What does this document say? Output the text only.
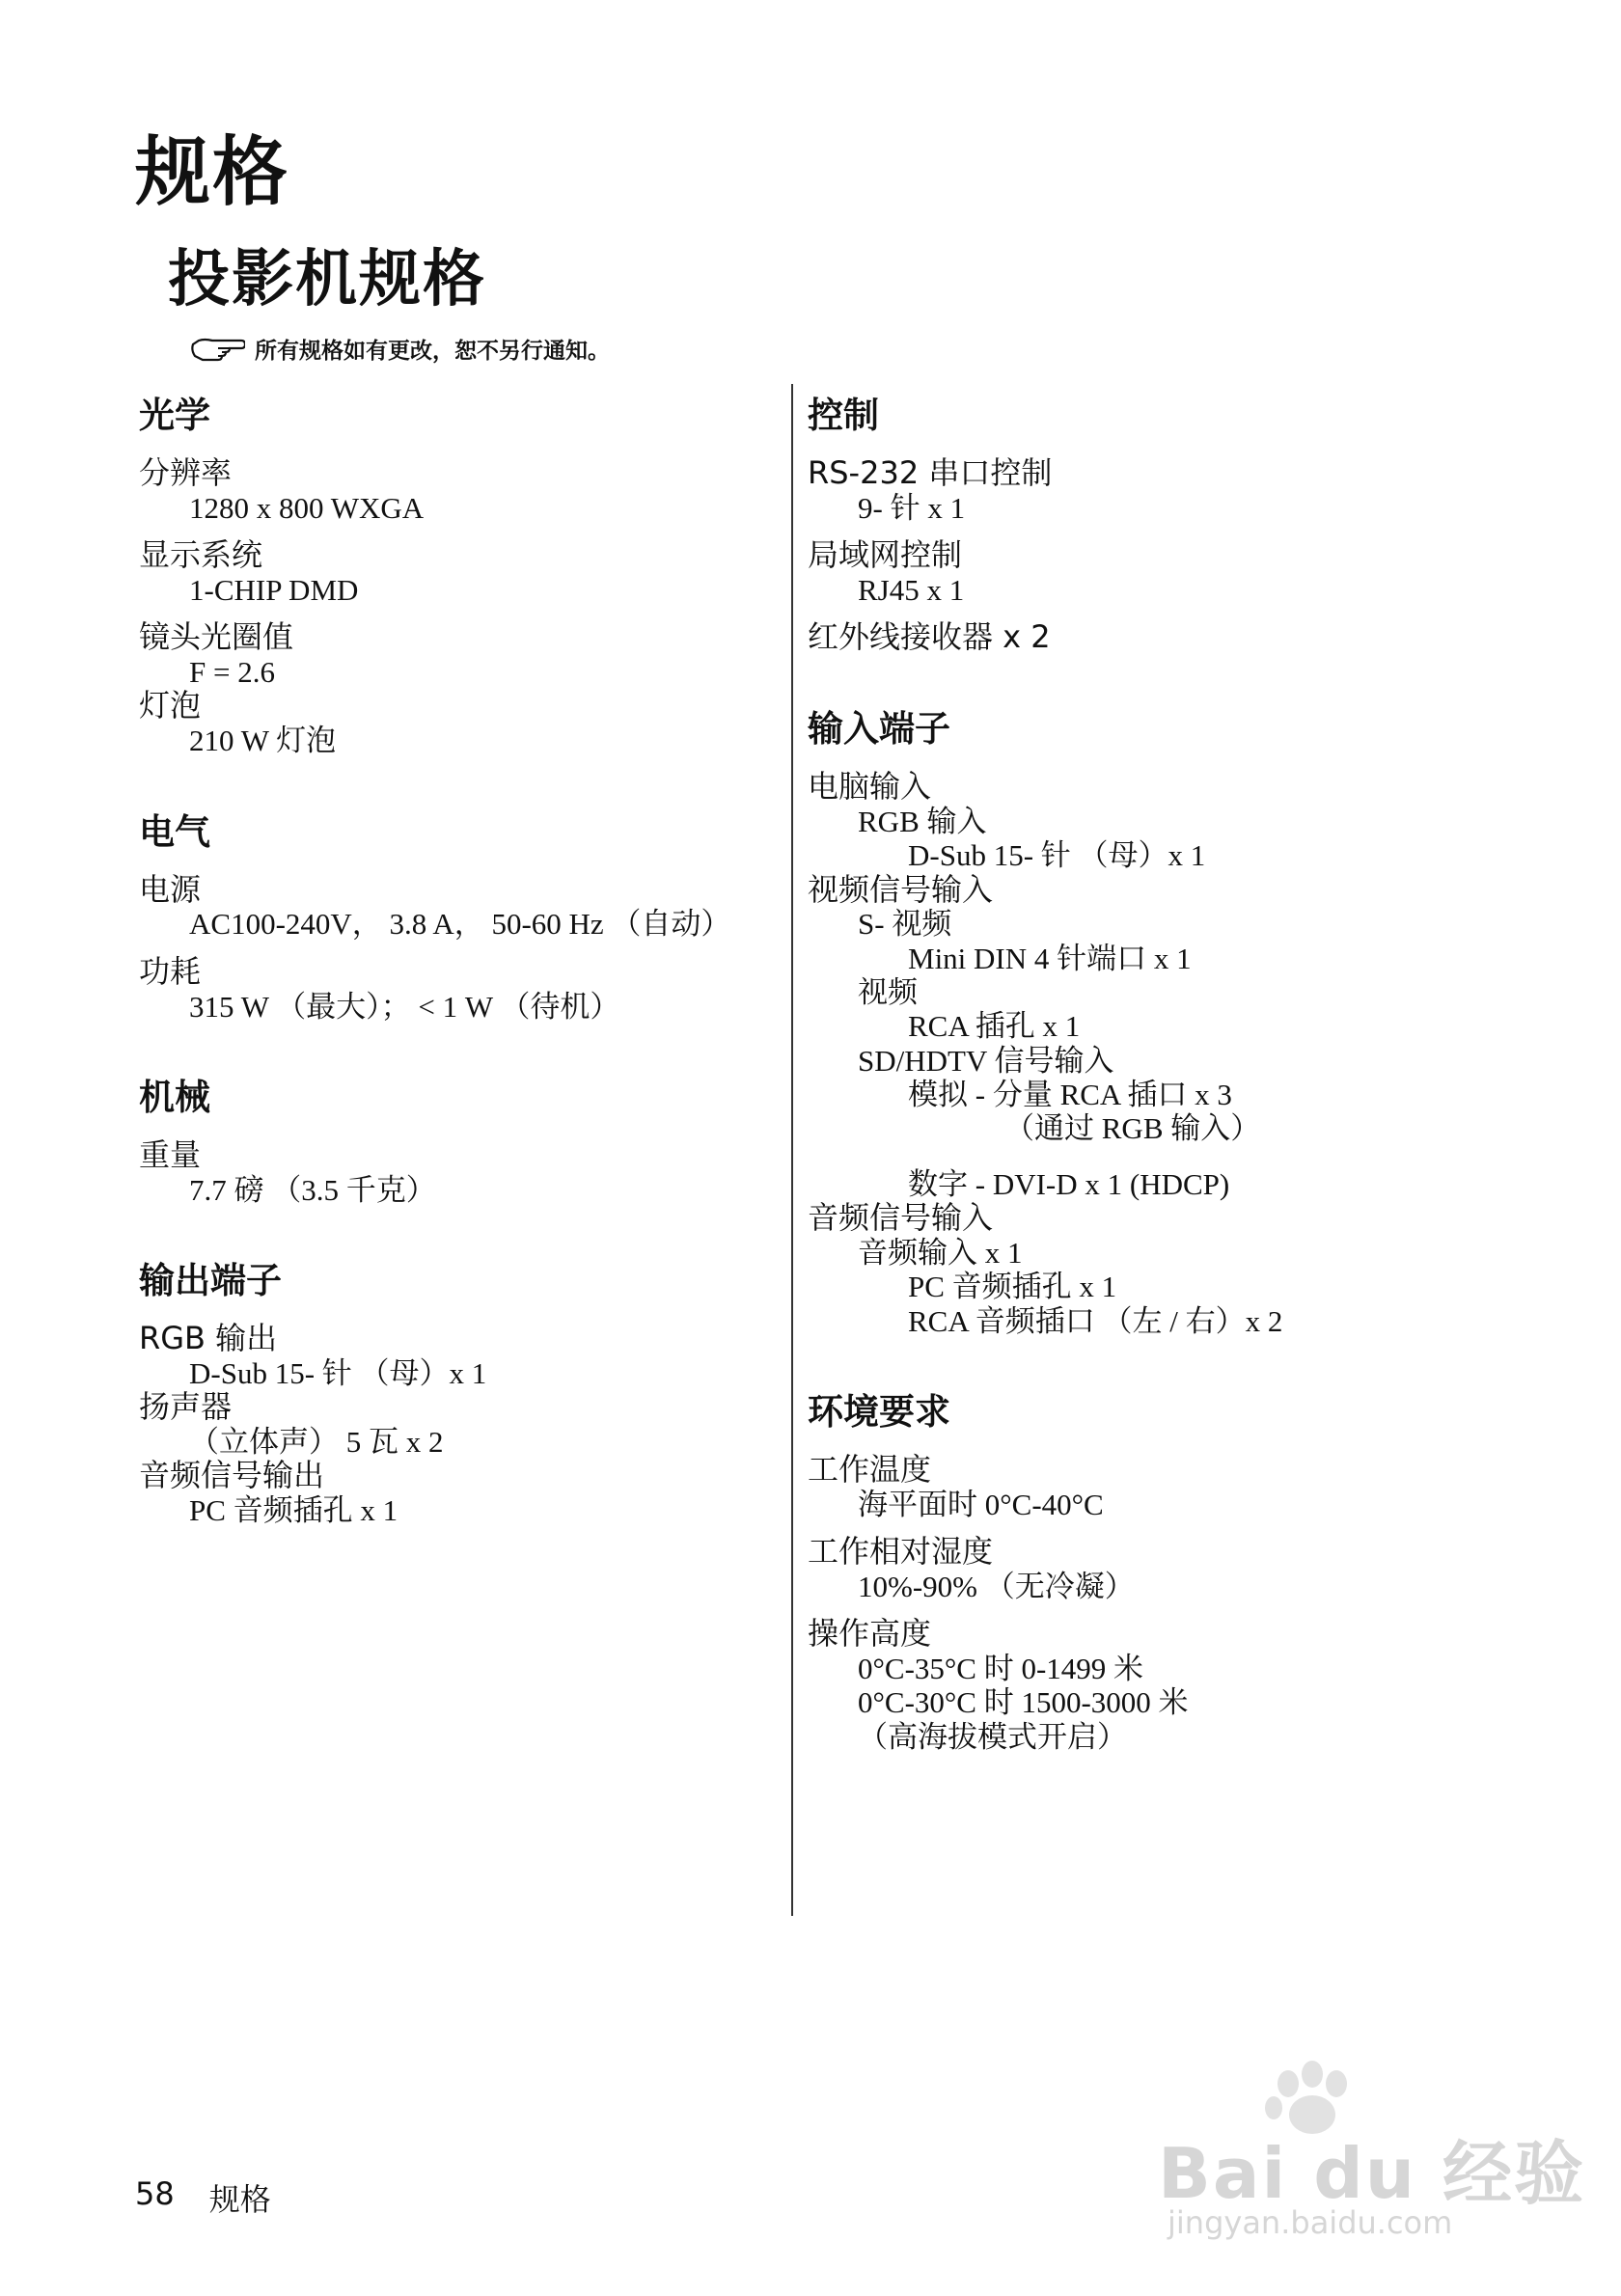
规格
投影机规格
所有规格如有更改，恕不另行通知。
光学
分辨率
1280 x 800 WXGA
显示系统
1-CHIP DMD
镜头光圈值
F = 2.6
灯泡
210 W 灯泡
电气
电源
AC100-240V， 3.8 A， 50-60 Hz （自动）
功耗
315 W （最大）； < 1 W （待机）
机械
重量
7.7 磅 （3.5 千克）
输出端子
RGB 输出
D-Sub 15- 针 （母）x 1
扬声器
（立体声） 5 瓦 x 2
音频信号输出
PC 音频插孔 x 1
控制
RS-232 串口控制
9- 针 x 1
局域网控制
RJ45 x 1
红外线接收器 x 2
输入端子
电脑输入
RGB 输入
D-Sub 15- 针 （母）x 1
视频信号输入
S- 视频
Mini DIN 4 针端口 x 1
视频
RCA 插孔 x 1
SD/HDTV 信号输入
模拟 - 分量 RCA 插口 x 3
（通过 RGB 输入）
数字 - DVI-D x 1 (HDCP)
音频信号输入
音频输入 x 1
PC 音频插孔 x 1
RCA 音频插口 （左 / 右）x 2
环境要求
工作温度
海平面时 0°C-40°C
工作相对湿度
10%-90% （无冷凝）
操作高度
0°C-35°C 时 0-1499 米
0°C-30°C 时 1500-3000 米
（高海拔模式开启）
58 规格	Bai du 经验
jingyan.baidu.com
